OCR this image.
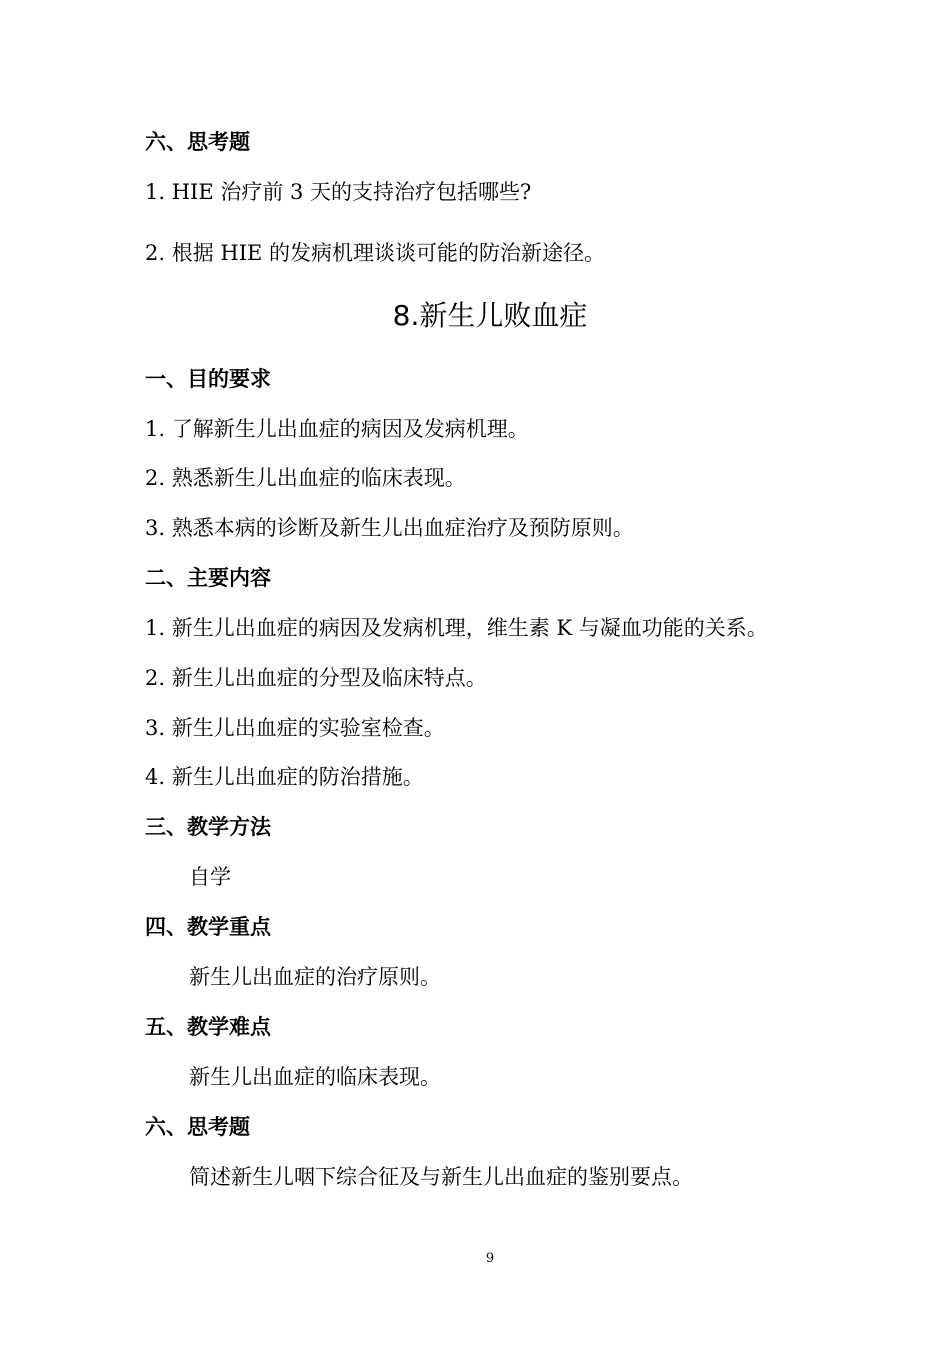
六、思考题
1. HIE 治疗前 3 天的支持治疗包括哪些?
2. 根据 HIE 的发病机理谈谈可能的防治新途径。
8.新生儿败血症
一、目的要求
1. 了解新生儿出血症的病因及发病机理。
2. 熟悉新生儿出血症的临床表现。
3. 熟悉本病的诊断及新生儿出血症治疗及预防原则。
二、主要内容
1. 新生儿出血症的病因及发病机理，维生素 K 与凝血功能的关系。
2. 新生儿出血症的分型及临床特点。
3. 新生儿出血症的实验室检查。
4. 新生儿出血症的防治措施。
三、教学方法
自学
四、教学重点
新生儿出血症的治疗原则。
五、教学难点
新生儿出血症的临床表现。
六、思考题
简述新生儿咽下综合征及与新生儿出血症的鉴别要点。
9
